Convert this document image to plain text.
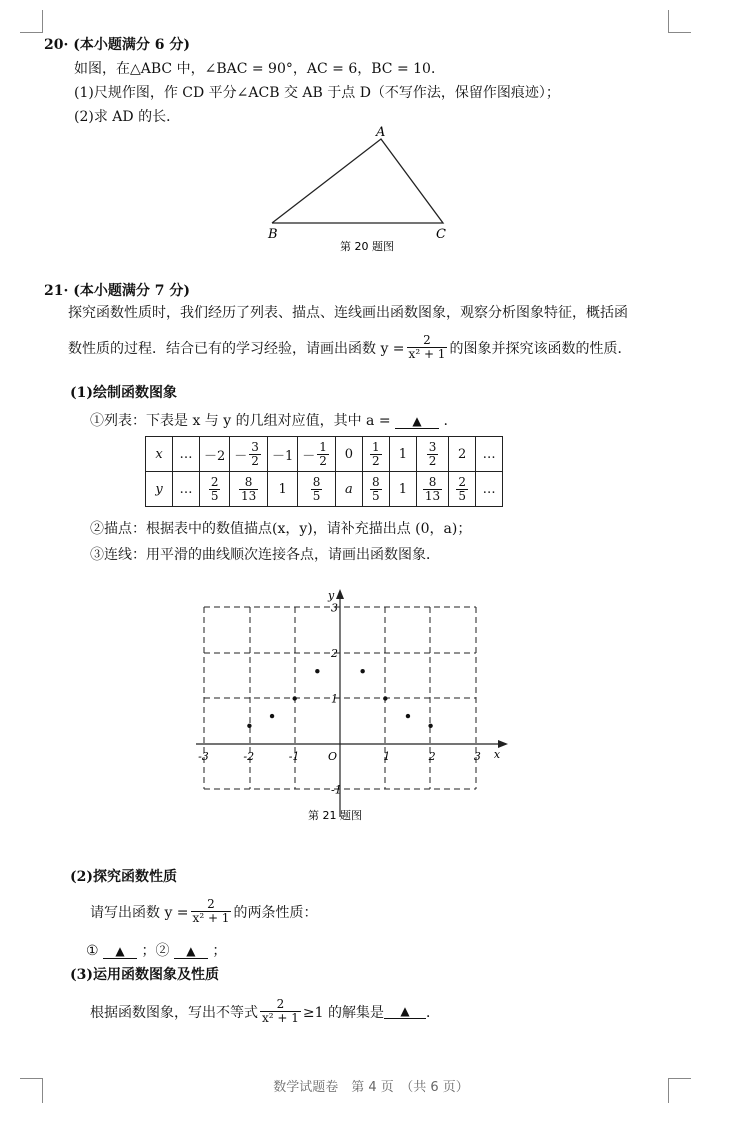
20· (本小题满分 6 分)
如图，在△ABC 中，∠BAC = 90°，AC = 6，BC = 10．
(1)尺规作图，作 CD 平分∠ACB 交 AB 于点 D（不写作法，保留作图痕迹）；
(2)求 AD 的长．
A
B	C
第 20 题图
21· (本小题满分 7 分)
探究函数性质时，我们经历了列表、描点、连线画出函数图象，观察分析图象特征，概括函
数性质的过程．结合已有的学习经验，请画出函数 $y = \frac{2}{\text{x² + 1}}$ 的图象并探究该函数的性质．
(1)绘制函数图象
①列表：下表是 x 与 y 的几组对应值，其中 a = ▲ .
x	…	－2	－ $\frac{3}{2}$	－1	－ $\frac{1}{2}$	0	$\frac{1}{2}$	1	$\frac{3}{2}$	2	…
y	…	$\frac{2}{5}$	$\frac{8}{13}$	1	$\frac{8}{5}$	a	$\frac{8}{5}$	1	$\frac{8}{13}$	$\frac{2}{5}$	…
②描点：根据表中的数值描点(x，y)，请补充描出点 (0，a)；
③连线：用平滑的曲线顺次连接各点，请画出函数图象．
-3	-2	-1	O	1	2	3
-1
1
2
3
x
y
第 21 题图
(2)探究函数性质
请写出函数 $y = \frac{2}{\text{x² + 1}}$ 的两条性质：
① ▲ ；② ▲ ；
(3)运用函数图象及性质
根据函数图象，写出不等式 $\frac{2}{\text{x² + 1}} \ge 1$ 的解集是	▲	．
数学试题卷　第 4 页　（共 6 页）
